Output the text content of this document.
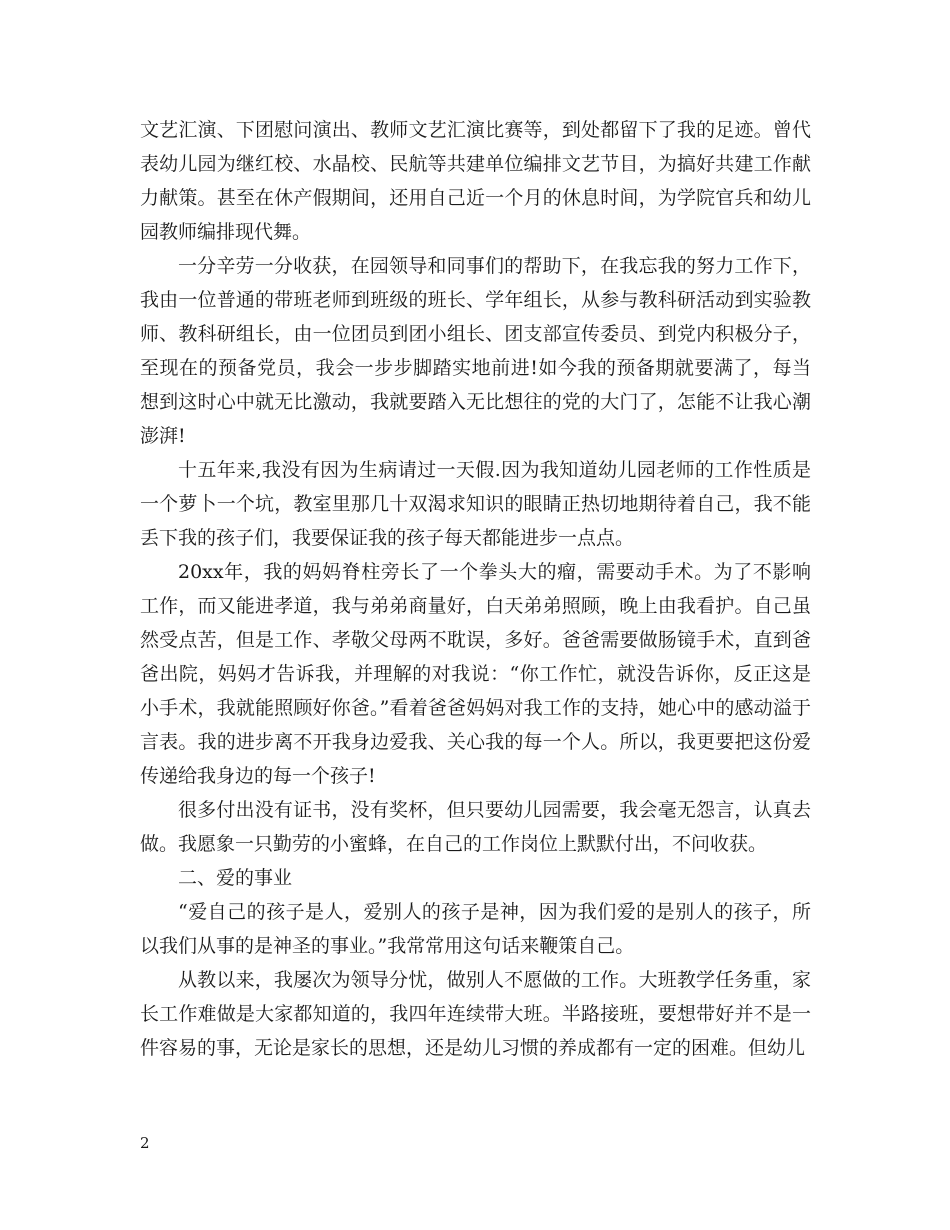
文艺汇演、下团慰问演出、教师文艺汇演比赛等，到处都留下了我的足迹。曾代表幼儿园为继红校、水晶校、民航等共建单位编排文艺节目，为搞好共建工作献力献策。甚至在休产假期间，还用自己近一个月的休息时间，为学院官兵和幼儿园教师编排现代舞。

一分辛劳一分收获，在园领导和同事们的帮助下，在我忘我的努力工作下，我由一位普通的带班老师到班级的班长、学年组长，从参与教科研活动到实验教师、教科研组长，由一位团员到团小组长、团支部宣传委员、到党内积极分子，至现在的预备党员，我会一步步脚踏实地前进!如今我的预备期就要满了，每当想到这时心中就无比激动，我就要踏入无比想往的党的大门了，怎能不让我心潮澎湃!

十五年来,我没有因为生病请过一天假.因为我知道幼儿园老师的工作性质是一个萝卜一个坑，教室里那几十双渴求知识的眼睛正热切地期待着自己，我不能丢下我的孩子们，我要保证我的孩子每天都能进步一点点。

20xx年，我的妈妈脊柱旁长了一个拳头大的瘤，需要动手术。为了不影响工作，而又能进孝道，我与弟弟商量好，白天弟弟照顾，晚上由我看护。自己虽然受点苦，但是工作、孝敬父母两不耽误，多好。爸爸需要做肠镜手术，直到爸爸出院，妈妈才告诉我，并理解的对我说：“你工作忙，就没告诉你，反正这是小手术，我就能照顾好你爸。”看着爸爸妈妈对我工作的支持，她心中的感动溢于言表。我的进步离不开我身边爱我、关心我的每一个人。所以，我更要把这份爱传递给我身边的每一个孩子!

很多付出没有证书，没有奖杯，但只要幼儿园需要，我会毫无怨言，认真去做。我愿象一只勤劳的小蜜蜂，在自己的工作岗位上默默付出，不问收获。

二、爱的事业

“爱自己的孩子是人，爱别人的孩子是神，因为我们爱的是别人的孩子，所以我们从事的是神圣的事业。”我常常用这句话来鞭策自己。

从教以来，我屡次为领导分忧，做别人不愿做的工作。大班教学任务重，家长工作难做是大家都知道的，我四年连续带大班。半路接班，要想带好并不是一件容易的事，无论是家长的思想，还是幼儿习惯的养成都有一定的困难。但幼儿

2
